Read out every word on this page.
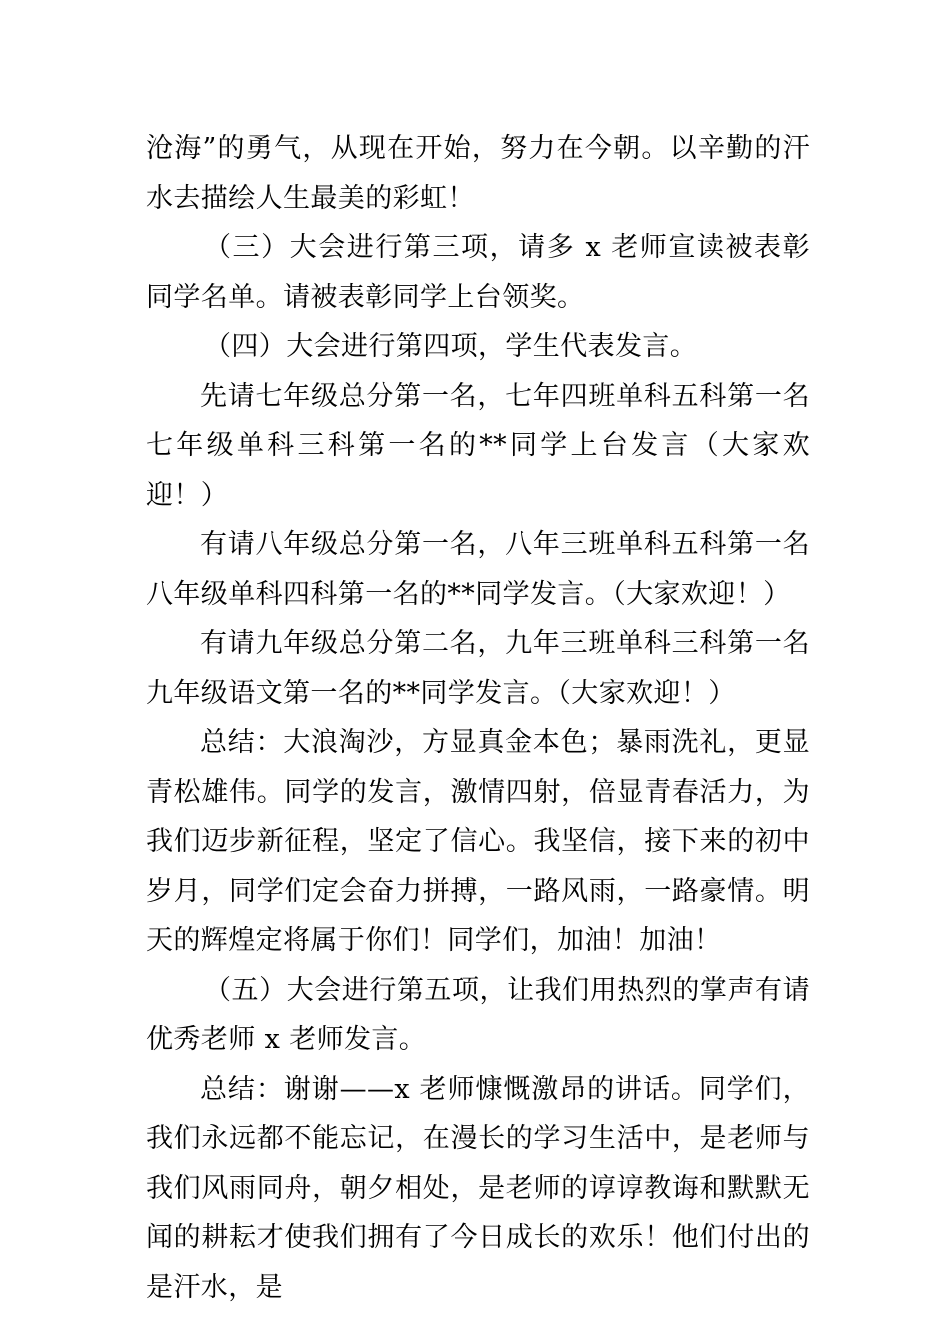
沧海”的勇气，从现在开始，努力在今朝。以辛勤的汗水去描绘人生最美的彩虹！

（三）大会进行第三项，请多 x 老师宣读被表彰同学名单。请被表彰同学上台领奖。

（四）大会进行第四项，学生代表发言。

先请七年级总分第一名，七年四班单科五科第一名七年级单科三科第一名的**同学上台发言（大家欢迎！）

有请八年级总分第一名，八年三班单科五科第一名八年级单科四科第一名的**同学发言。（大家欢迎！）

有请九年级总分第二名，九年三班单科三科第一名九年级语文第一名的**同学发言。（大家欢迎！）

总结：大浪淘沙，方显真金本色；暴雨洗礼，更显青松雄伟。同学的发言，激情四射，倍显青春活力，为我们迈步新征程，坚定了信心。我坚信，接下来的初中岁月，同学们定会奋力拼搏，一路风雨，一路豪情。明天的辉煌定将属于你们！同学们，加油！加油！

（五）大会进行第五项，让我们用热烈的掌声有请优秀老师 x 老师发言。

总结：谢谢——x 老师慷慨激昂的讲话。同学们，我们永远都不能忘记，在漫长的学习生活中，是老师与我们风雨同舟，朝夕相处，是老师的谆谆教诲和默默无闻的耕耘才使我们拥有了今日成长的欢乐！他们付出的是汗水，是
